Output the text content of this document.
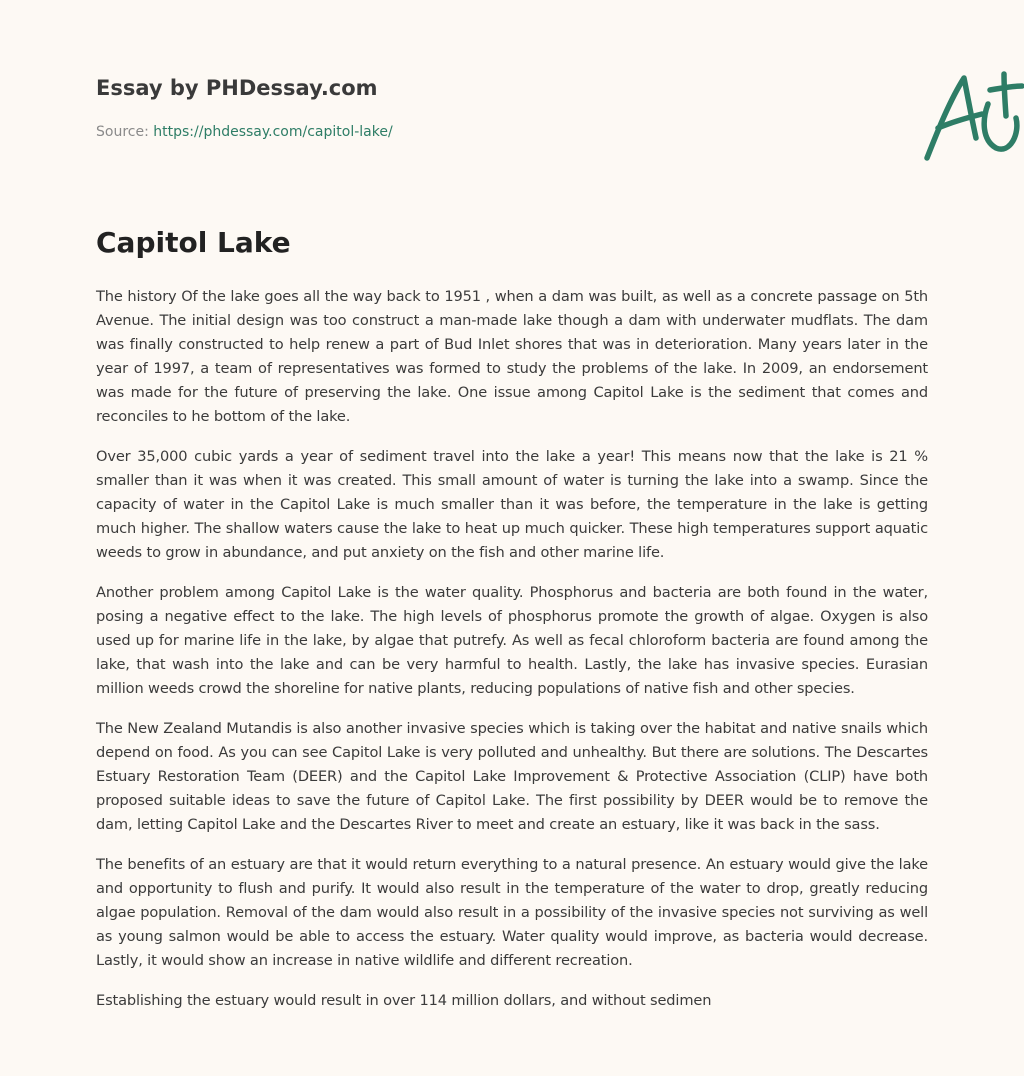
Essay by PHDessay.com
Source: https://phdessay.com/capitol-lake/
Capitol Lake

The history Of the lake goes all the way back to 1951 , when a dam was built, as well as a concrete passage on 5th Avenue. The initial design was too construct a man-made lake though a dam with underwater mudflats. The dam was finally constructed to help renew a part of Bud Inlet shores that was in deterioration. Many years later in the year of 1997, a team of representatives was formed to study the problems of the lake. In 2009, an endorsement was made for the future of preserving the lake. One issue among Capitol Lake is the sediment that comes and reconciles to he bottom of the lake.

Over 35,000 cubic yards a year of sediment travel into the lake a year! This means now that the lake is 21 % smaller than it was when it was created. This small amount of water is turning the lake into a swamp. Since the capacity of water in the Capitol Lake is much smaller than it was before, the temperature in the lake is getting much higher. The shallow waters cause the lake to heat up much quicker. These high temperatures support aquatic weeds to grow in abundance, and put anxiety on the fish and other marine life.

Another problem among Capitol Lake is the water quality. Phosphorus and bacteria are both found in the water, posing a negative effect to the lake. The high levels of phosphorus promote the growth of algae. Oxygen is also used up for marine life in the lake, by algae that putrefy. As well as fecal chloroform bacteria are found among the lake, that wash into the lake and can be very harmful to health. Lastly, the lake has invasive species. Eurasian million weeds crowd the shoreline for native plants, reducing populations of native fish and other species.

The New Zealand Mutandis is also another invasive species which is taking over the habitat and native snails which depend on food. As you can see Capitol Lake is very polluted and unhealthy. But there are solutions. The Descartes Estuary Restoration Team (DEER) and the Capitol Lake Improvement & Protective Association (CLIP) have both proposed suitable ideas to save the future of Capitol Lake. The first possibility by DEER would be to remove the dam, letting Capitol Lake and the Descartes River to meet and create an estuary, like it was back in the sass.

The benefits of an estuary are that it would return everything to a natural presence. An estuary would give the lake and opportunity to flush and purify. It would also result in the temperature of the water to drop, greatly reducing algae population. Removal of the dam would also result in a possibility of the invasive species not surviving as well as young salmon would be able to access the estuary. Water quality would improve, as bacteria would decrease. Lastly, it would show an increase in native wildlife and different recreation.

Establishing the estuary would result in over 114 million dollars, and without sedimen
